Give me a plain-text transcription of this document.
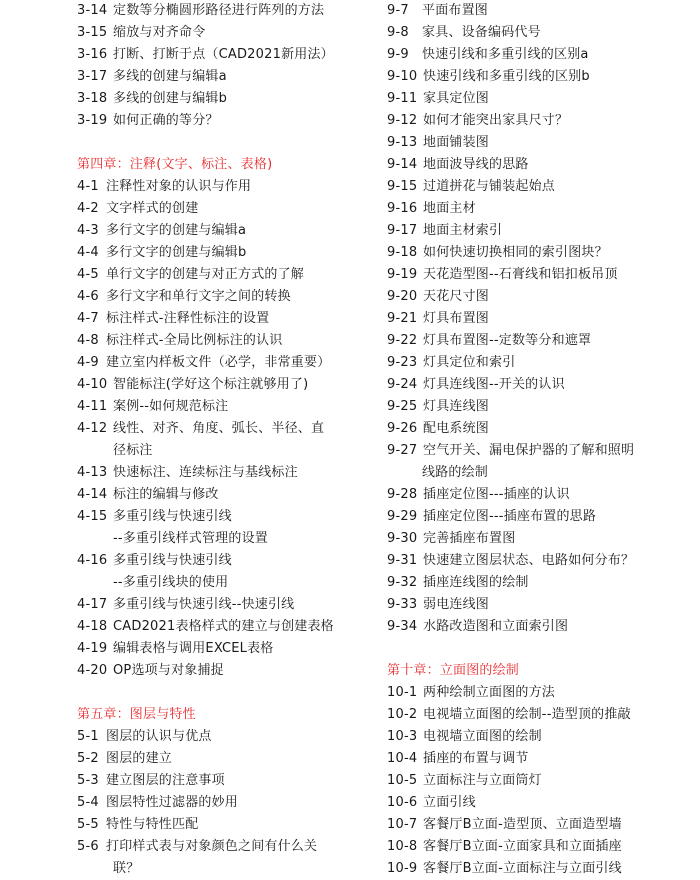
3-14 定数等分椭圆形路径进行阵列的方法
3-15 缩放与对齐命令
3-16 打断、打断于点（CAD2021新用法）
3-17 多线的创建与编辑a
3-18 多线的创建与编辑b
3-19 如何正确的等分？
第四章：注释(文字、标注、表格)
4-1 注释性对象的认识与作用
4-2 文字样式的创建
4-3 多行文字的创建与编辑a
4-4 多行文字的创建与编辑b
4-5 单行文字的创建与对正方式的了解
4-6 多行文字和单行文字之间的转换
4-7 标注样式-注释性标注的设置
4-8 标注样式-全局比例标注的认识
4-9 建立室内样板文件（必学，非常重要）
4-10 智能标注(学好这个标注就够用了)
4-11 案例--如何规范标注
4-12 线性、对齐、角度、弧长、半径、直
径标注
4-13 快速标注、连续标注与基线标注
4-14 标注的编辑与修改
4-15 多重引线与快速引线
--多重引线样式管理的设置
4-16 多重引线与快速引线
--多重引线块的使用
4-17 多重引线与快速引线--快速引线
4-18 CAD2021表格样式的建立与创建表格
4-19 编辑表格与调用EXCEL表格
4-20 OP选项与对象捕捉
第五章：图层与特性
5-1 图层的认识与优点
5-2 图层的建立
5-3 建立图层的注意事项
5-4 图层特性过滤器的妙用
5-5 特性与特性匹配
5-6 打印样式表与对象颜色之间有什么关
联？
9-7 平面布置图
9-8 家具、设备编码代号
9-9 快速引线和多重引线的区别a
9-10 快速引线和多重引线的区别b
9-11 家具定位图
9-12 如何才能突出家具尺寸？
9-13 地面铺装图
9-14 地面波导线的思路
9-15 过道拼花与铺装起始点
9-16 地面主材
9-17 地面主材索引
9-18 如何快速切换相同的索引图块？
9-19 天花造型图--石膏线和铝扣板吊顶
9-20 天花尺寸图
9-21 灯具布置图
9-22 灯具布置图--定数等分和遮罩
9-23 灯具定位和索引
9-24 灯具连线图--开关的认识
9-25 灯具连线图
9-26 配电系统图
9-27 空气开关、漏电保护器的了解和照明
线路的绘制
9-28 插座定位图---插座的认识
9-29 插座定位图---插座布置的思路
9-30 完善插座布置图
9-31 快速建立图层状态、电路如何分布？
9-32 插座连线图的绘制
9-33 弱电连线图
9-34 水路改造图和立面索引图
第十章：立面图的绘制
10-1 两种绘制立面图的方法
10-2 电视墙立面图的绘制--造型顶的推敲
10-3 电视墙立面图的绘制
10-4 插座的布置与调节
10-5 立面标注与立面筒灯
10-6 立面引线
10-7 客餐厅B立面-造型顶、立面造型墙
10-8 客餐厅B立面-立面家具和立面插座
10-9 客餐厅B立面-立面标注与立面引线
